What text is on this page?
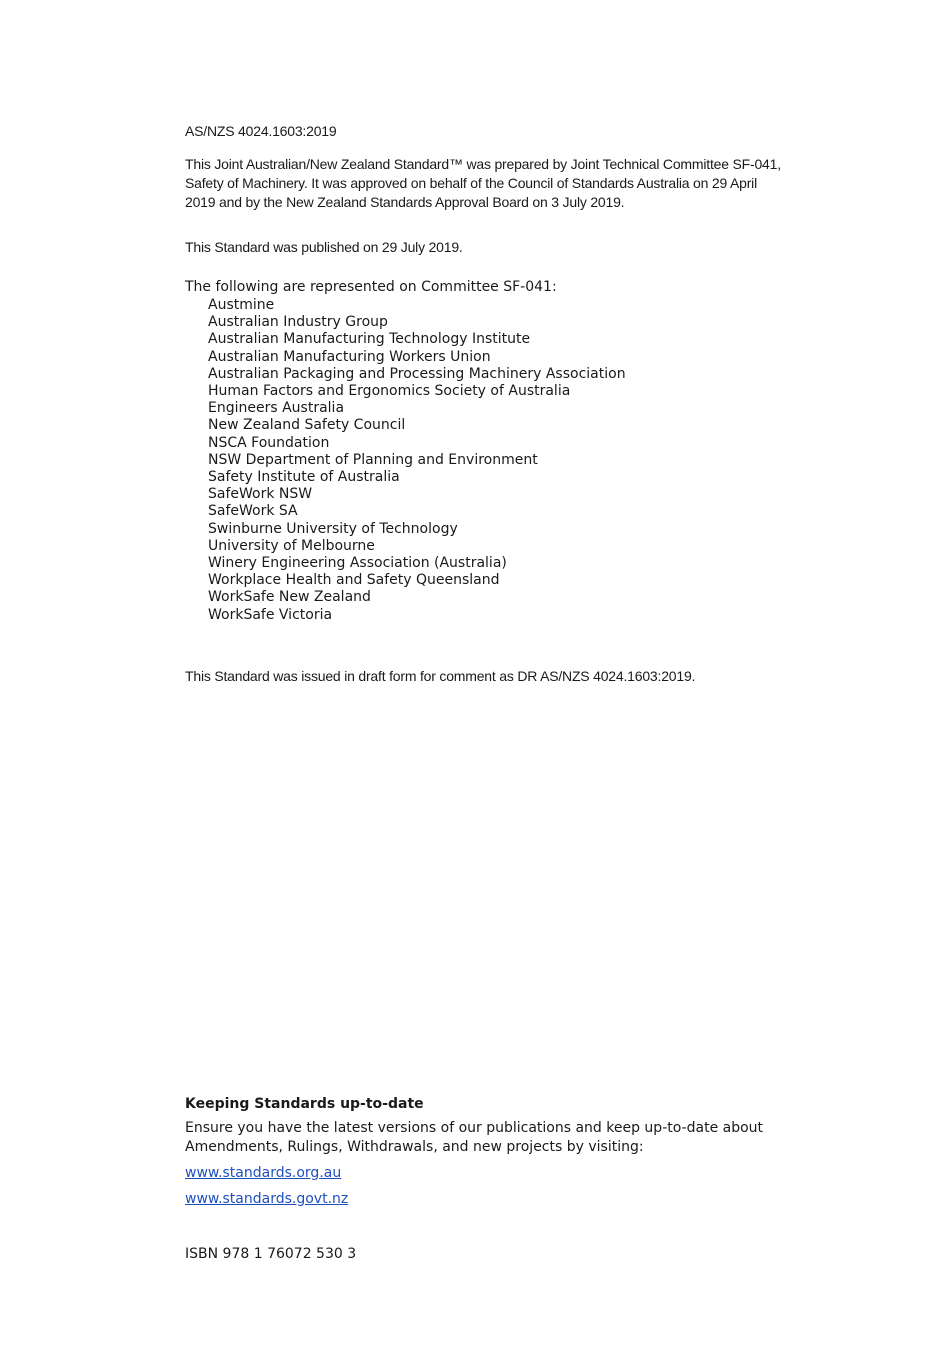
AS/NZS 4024.1603:2019

This Joint Australian/New Zealand Standard™ was prepared by Joint Technical Committee SF-041, Safety of Machinery. It was approved on behalf of the Council of Standards Australia on 29 April 2019 and by the New Zealand Standards Approval Board on 3 July 2019.

This Standard was published on 29 July 2019.

The following are represented on Committee SF-041:

Austmine
Australian Industry Group
Australian Manufacturing Technology Institute
Australian Manufacturing Workers Union
Australian Packaging and Processing Machinery Association
Human Factors and Ergonomics Society of Australia
Engineers Australia
New Zealand Safety Council
NSCA Foundation
NSW Department of Planning and Environment
Safety Institute of Australia
SafeWork NSW
SafeWork SA
Swinburne University of Technology
University of Melbourne
Winery Engineering Association (Australia)
Workplace Health and Safety Queensland
WorkSafe New Zealand
WorkSafe Victoria

This Standard was issued in draft form for comment as DR AS/NZS 4024.1603:2019.

Keeping Standards up-to-date

Ensure you have the latest versions of our publications and keep up-to-date about Amendments, Rulings, Withdrawals, and new projects by visiting:

www.standards.org.au

www.standards.govt.nz

ISBN 978 1 76072 530 3
